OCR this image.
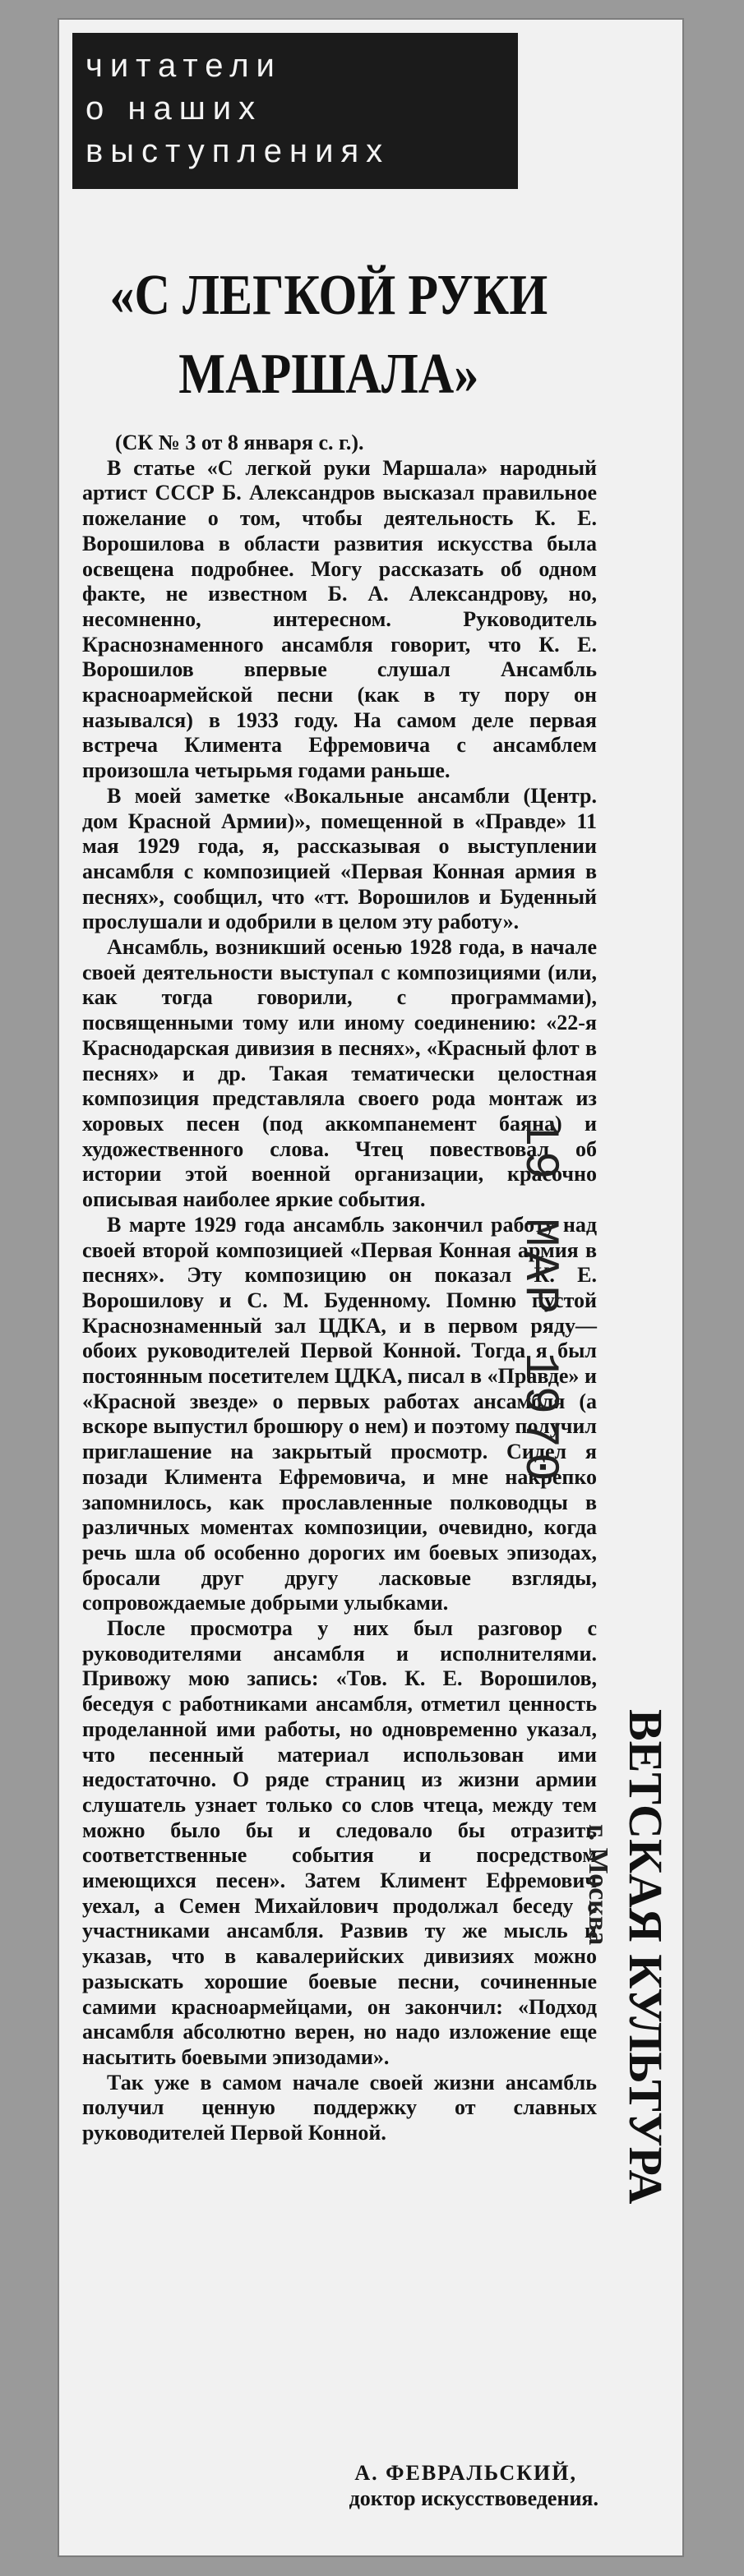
читатели
о наших
выступлениях
«С ЛЕГКОЙ РУКИ
МАРШАЛА»

(СК № 3 от 8 января с. г.).

В статье «С легкой руки Маршала» народный артист СССР Б. Александров высказал правильное пожелание о том, чтобы деятельность К. Е. Ворошилова в области развития искусства была освещена подробнее. Могу рассказать об одном факте, не известном Б. А. Александрову, но, несомненно, интересном. Руководитель Краснознаменного ансамбля говорит, что К. Е. Ворошилов впервые слушал Ансамбль красноармейской песни (как в ту пору он назывался) в 1933 году. На самом деле первая встреча Климента Ефремовича с ансамблем произошла четырьмя годами раньше.

В моей заметке «Вокальные ансамбли (Центр. дом Красной Армии)», помещенной в «Правде» 11 мая 1929 года, я, рассказывая о выступлении ансамбля с композицией «Первая Конная армия в песнях», сообщил, что «тт. Ворошилов и Буденный прослушали и одобрили в целом эту работу».

Ансамбль, возникший осенью 1928 года, в начале своей деятельности выступал с композициями (или, как тогда говорили, с программами), посвященными тому или иному соединению: «22-я Краснодарская дивизия в песнях», «Красный флот в песнях» и др. Такая тематически целостная композиция представляла своего рода монтаж из хоровых песен (под аккомпанемент баяна) и художественного слова. Чтец повествовал об истории этой военной организации, красочно описывая наиболее яркие события.

В марте 1929 года ансамбль закончил работу над своей второй композицией «Первая Конная армия в песнях». Эту композицию он показал К. Е. Ворошилову и С. М. Буденному. Помню пустой Краснознаменный зал ЦДКА, и в первом ряду—обоих руководителей Первой Конной. Тогда я был постоянным посетителем ЦДКА, писал в «Правде» и «Красной звезде» о первых работах ансамбля (а вскоре выпустил брошюру о нем) и поэтому получил приглашение на закрытый просмотр. Сидел я позади Климента Ефремовича, и мне накрепко запомнилось, как прославленные полководцы в различных моментах композиции, очевидно, когда речь шла об особенно дорогих им боевых эпизодах, бросали друг другу ласковые взгляды, сопровождаемые добрыми улыбками.

После просмотра у них был разговор с руководителями ансамбля и исполнителями. Привожу мою запись: «Тов. К. Е. Ворошилов, беседуя с работниками ансамбля, отметил ценность проделанной ими работы, но одновременно указал, что песенный материал использован ими недостаточно. О ряде страниц из жизни армии слушатель узнает только со слов чтеца, между тем можно было бы и следовало бы отразить соответственные события и посредством имеющихся песен». Затем Климент Ефремович уехал, а Семен Михайлович продолжал беседу с участниками ансамбля. Развив ту же мысль и указав, что в кавалерийских дивизиях можно разыскать хорошие боевые песни, сочиненные самими красноармейцами, он закончил: «Подход ансамбля абсолютно верен, но надо изложение еще насытить боевыми эпизодами».

Так уже в самом начале своей жизни ансамбль получил ценную поддержку от славных руководителей Первой Конной.

А. ФЕВРАЛЬСКИЙ,
доктор искусствоведения.
19 МАР 1970
ВЕТСКАЯ КУЛЬТУРА
г. Москва
